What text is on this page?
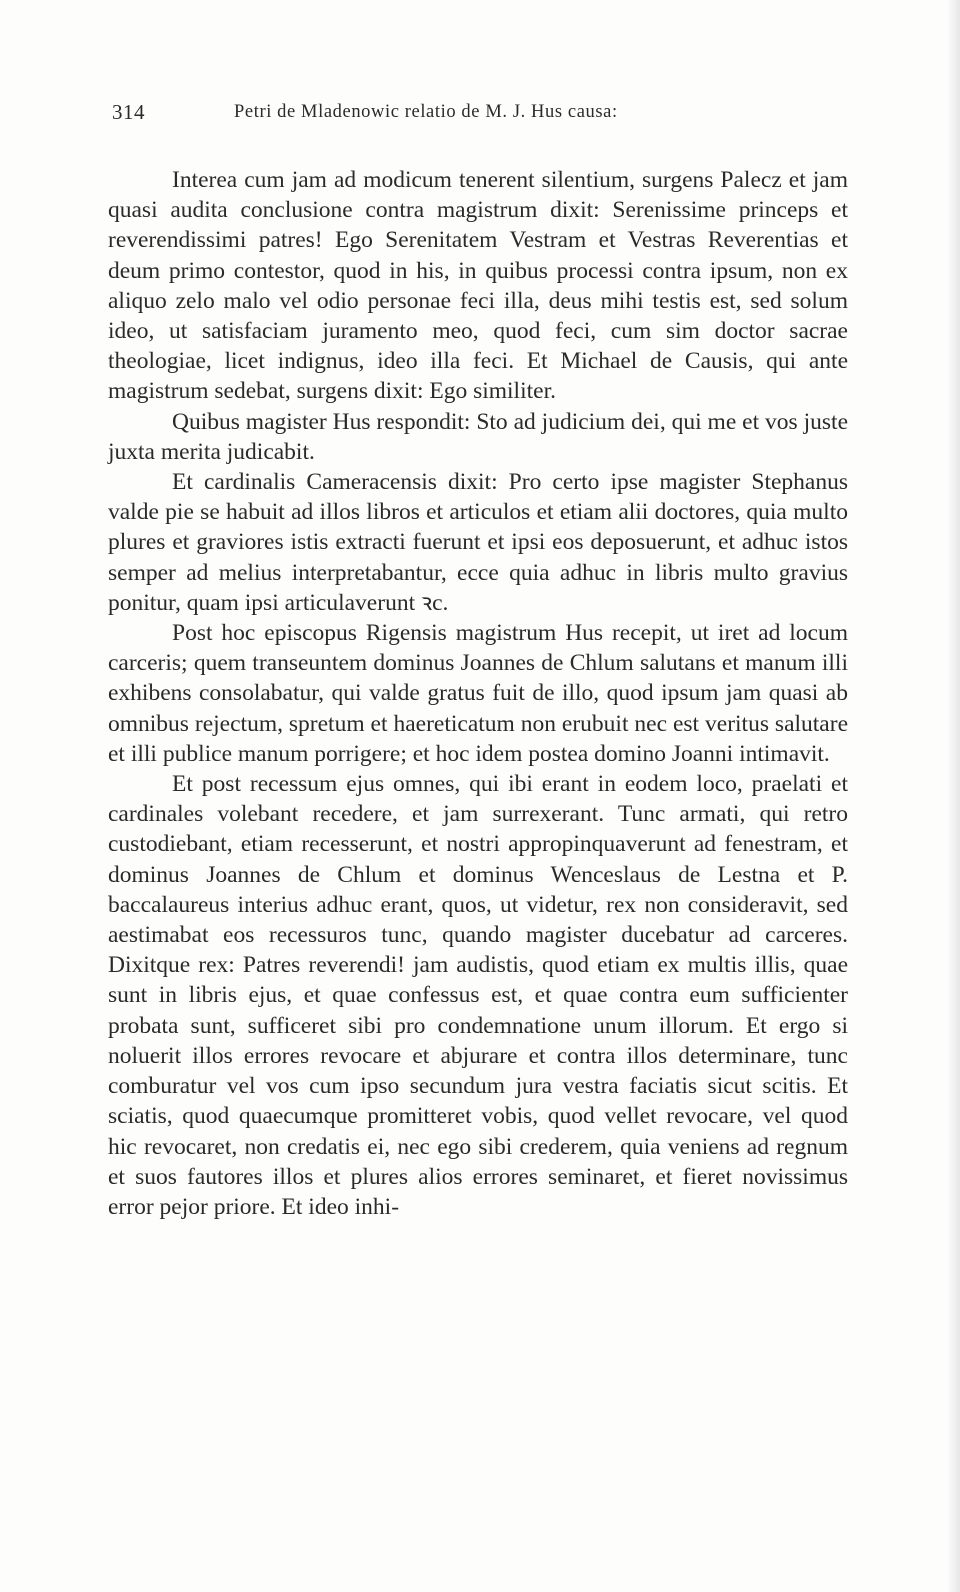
314	Petri de Mladenowic relatio de M. J. Hus causa:

Interea cum jam ad modicum tenerent silentium, surgens Palecz et jam quasi audita conclusione contra magistrum dixit: Serenissime princeps et reverendissimi patres! Ego Serenitatem Vestram et Vestras Reverentias et deum primo contestor, quod in his, in quibus processi contra ipsum, non ex aliquo zelo malo vel odio personae feci illa, deus mihi testis est, sed solum ideo, ut satisfaciam juramento meo, quod feci, cum sim doctor sacrae theologiae, licet indignus, ideo illa feci. Et Michael de Causis, qui ante magistrum sedebat, surgens dixit: Ego similiter.

Quibus magister Hus respondit: Sto ad judicium dei, qui me et vos juste juxta merita judicabit.

Et cardinalis Cameracensis dixit: Pro certo ipse magister Stephanus valde pie se habuit ad illos libros et articulos et etiam alii doctores, quia multo plures et graviores istis extracti fuerunt et ipsi eos deposuerunt, et adhuc istos semper ad melius interpretabantur, ecce quia adhuc in libris multo gravius ponitur, quam ipsi articulaverunt ⁠ꝛc.

Post hoc episcopus Rigensis magistrum Hus recepit, ut iret ad locum carceris; quem transeuntem dominus Joannes de Chlum salutans et manum illi exhibens consolabatur, qui valde gratus fuit de illo, quod ipsum jam quasi ab omnibus rejectum, spretum et haereticatum non erubuit nec est veritus salutare et illi publice manum porrigere; et hoc idem postea domino Joanni intimavit.

Et post recessum ejus omnes, qui ibi erant in eodem loco, praelati et cardinales volebant recedere, et jam surrexerant. Tunc armati, qui retro custodiebant, etiam recesserunt, et nostri appropinquaverunt ad fenestram, et dominus Joannes de Chlum et dominus Wenceslaus de Lestna et P. baccalaureus interius adhuc erant, quos, ut videtur, rex non consideravit, sed aestimabat eos recessuros tunc, quando magister ducebatur ad carceres. Dixitque rex: Patres reverendi! jam audistis, quod etiam ex multis illis, quae sunt in libris ejus, et quae confessus est, et quae contra eum sufficienter probata sunt, sufficeret sibi pro condemnatione unum illorum. Et ergo si noluerit illos errores revocare et abjurare et contra illos determinare, tunc comburatur vel vos cum ipso secundum jura vestra faciatis sicut scitis. Et sciatis, quod quaecumque promitteret vobis, quod vellet revocare, vel quod hic revocaret, non credatis ei, nec ego sibi crederem, quia veniens ad regnum et suos fautores illos et plures alios errores seminaret, et fieret novissimus error pejor priore. Et ideo inhi-
